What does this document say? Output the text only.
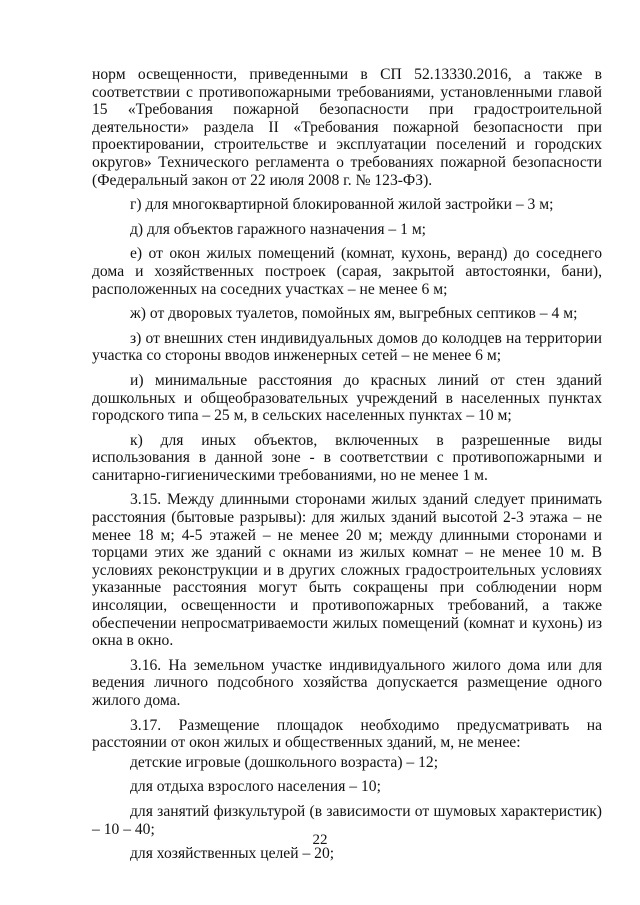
норм освещенности, приведенными в СП 52.13330.2016, а также в соответствии с противопожарными требованиями, установленными главой 15 «Требования пожарной безопасности при градостроительной деятельности» раздела II «Требования пожарной безопасности при проектировании, строительстве и эксплуатации поселений и городских округов» Технического регламента о требованиях пожарной безопасности (Федеральный закон от 22 июля 2008 г. № 123-ФЗ).

г) для многоквартирной блокированной жилой застройки – 3 м;

д) для объектов гаражного назначения – 1 м;

е) от окон жилых помещений (комнат, кухонь, веранд) до соседнего дома и хозяйственных построек (сарая, закрытой автостоянки, бани), расположенных на соседних участках – не менее 6 м;

ж) от дворовых туалетов, помойных ям, выгребных септиков – 4 м;

з) от внешних стен индивидуальных домов до колодцев на территории участка со стороны вводов инженерных сетей – не менее 6 м;

и) минимальные расстояния до красных линий от стен зданий дошкольных и общеобразовательных учреждений в населенных пунктах городского типа – 25 м, в сельских населенных пунктах – 10 м;

к) для иных объектов, включенных в разрешенные виды использования в данной зоне - в соответствии с противопожарными и санитарно-гигиеническими требованиями, но не менее 1 м.

3.15. Между длинными сторонами жилых зданий следует принимать расстояния (бытовые разрывы): для жилых зданий высотой 2-3 этажа – не менее 18 м; 4-5 этажей – не менее 20 м; между длинными сторонами и торцами этих же зданий с окнами из жилых комнат – не менее 10 м. В условиях реконструкции и в других сложных градостроительных условиях указанные расстояния могут быть сокращены при соблюдении норм инсоляции, освещенности и противопожарных требований, а также обеспечении непросматриваемости жилых помещений (комнат и кухонь) из окна в окно.

3.16. На земельном участке индивидуального жилого дома или для ведения личного подсобного хозяйства допускается размещение одного жилого дома.

3.17. Размещение площадок необходимо предусматривать на расстоянии от окон жилых и общественных зданий, м, не менее:

детские игровые (дошкольного возраста) – 12;

для отдыха взрослого населения – 10;

для занятий физкультурой (в зависимости от шумовых характеристик) – 10 – 40;

для хозяйственных целей – 20;

22
